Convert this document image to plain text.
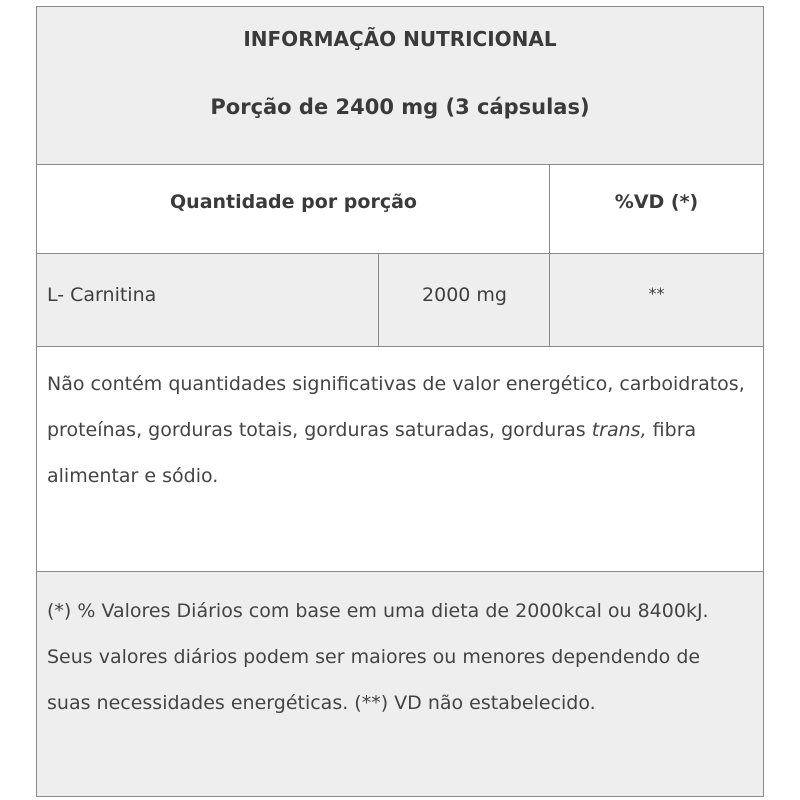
INFORMAÇÃO NUTRICIONAL
Porção de 2400 mg (3 cápsulas)
Quantidade por porção	%VD (*)
L- Carnitina	2000 mg	**

Não contém quantidades significativas de valor energético, carboidratos, proteínas, gorduras totais, gorduras saturadas, gorduras trans, fibra alimentar e sódio.

(*) % Valores Diários com base em uma dieta de 2000kcal ou 8400kJ. Seus valores diários podem ser maiores ou menores dependendo de suas necessidades energéticas. (**) VD não estabelecido.
